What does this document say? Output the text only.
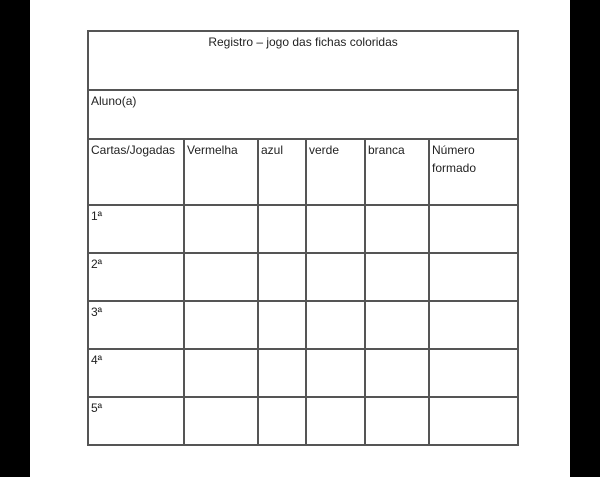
Registro – jogo das fichas coloridas					
Aluno(a)					
Cartas/Jogadas	Vermelha	azul	verde	branca	Número formado
1ª					
2ª					
3ª					
4ª					
5ª					
